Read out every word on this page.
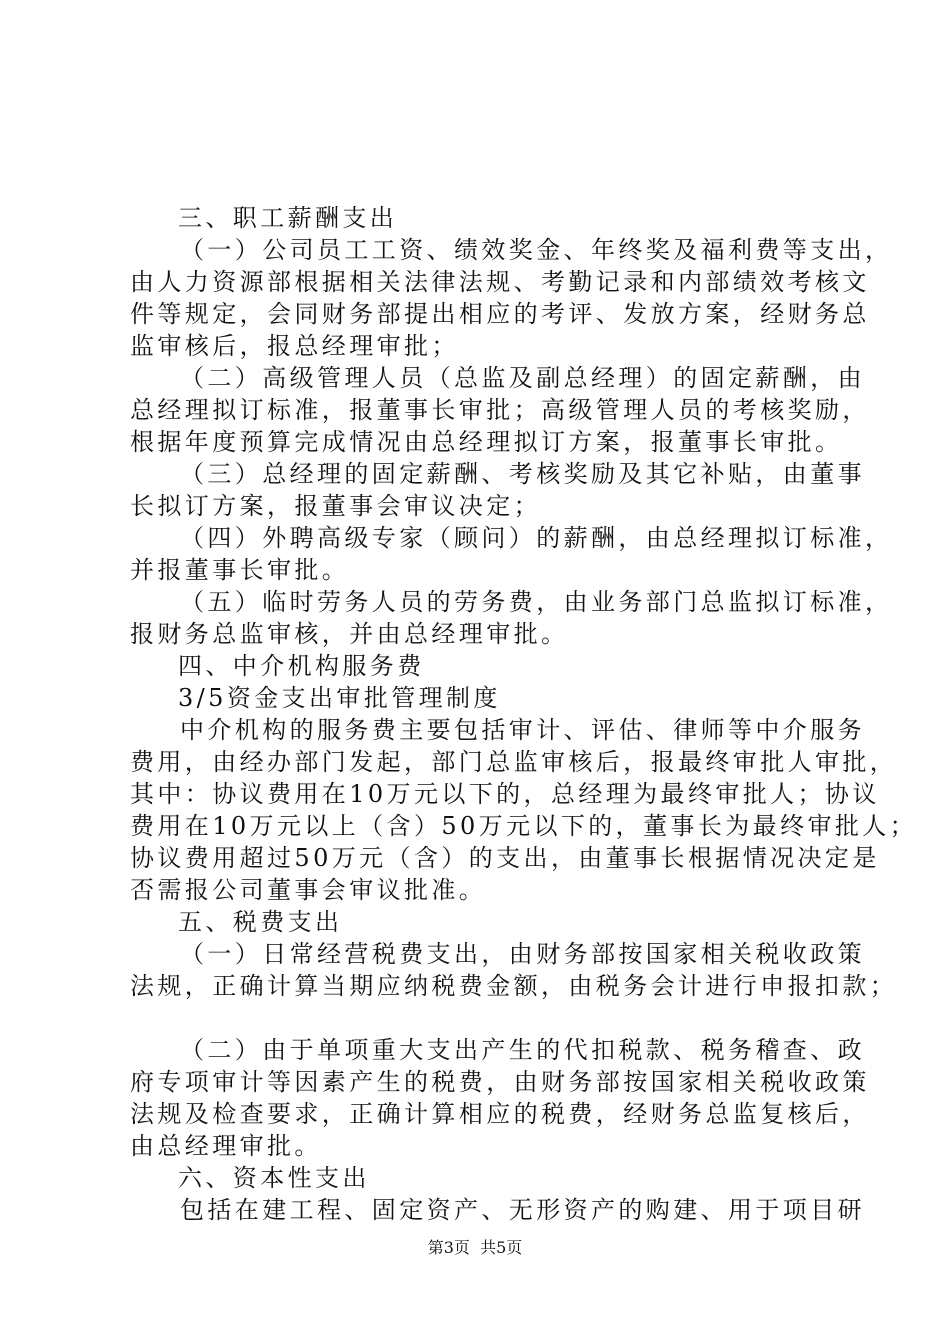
三、职工薪酬支出
（一）公司员工工资、绩效奖金、年终奖及福利费等支出，
由人力资源部根据相关法律法规、考勤记录和内部绩效考核文
件等规定，会同财务部提出相应的考评、发放方案，经财务总
监审核后，报总经理审批；
（二）高级管理人员（总监及副总经理）的固定薪酬，由
总经理拟订标准，报董事长审批；高级管理人员的考核奖励，
根据年度预算完成情况由总经理拟订方案，报董事长审批。
（三）总经理的固定薪酬、考核奖励及其它补贴，由董事
长拟订方案，报董事会审议决定；
（四）外聘高级专家（顾问）的薪酬，由总经理拟订标准，
并报董事长审批。
（五）临时劳务人员的劳务费，由业务部门总监拟订标准，
报财务总监审核，并由总经理审批。
四、中介机构服务费
3/5资金支出审批管理制度
中介机构的服务费主要包括审计、评估、律师等中介服务
费用，由经办部门发起，部门总监审核后，报最终审批人审批，
其中：协议费用在10万元以下的，总经理为最终审批人；协议
费用在10万元以上（含）50万元以下的，董事长为最终审批人；
协议费用超过50万元（含）的支出，由董事长根据情况决定是
否需报公司董事会审议批准。
五、税费支出
（一）日常经营税费支出，由财务部按国家相关税收政策
法规，正确计算当期应纳税费金额，由税务会计进行申报扣款；
（二）由于单项重大支出产生的代扣税款、税务稽查、政
府专项审计等因素产生的税费，由财务部按国家相关税收政策
法规及检查要求，正确计算相应的税费，经财务总监复核后，
由总经理审批。
六、资本性支出
包括在建工程、固定资产、无形资产的购建、用于项目研
第3页  共5页
